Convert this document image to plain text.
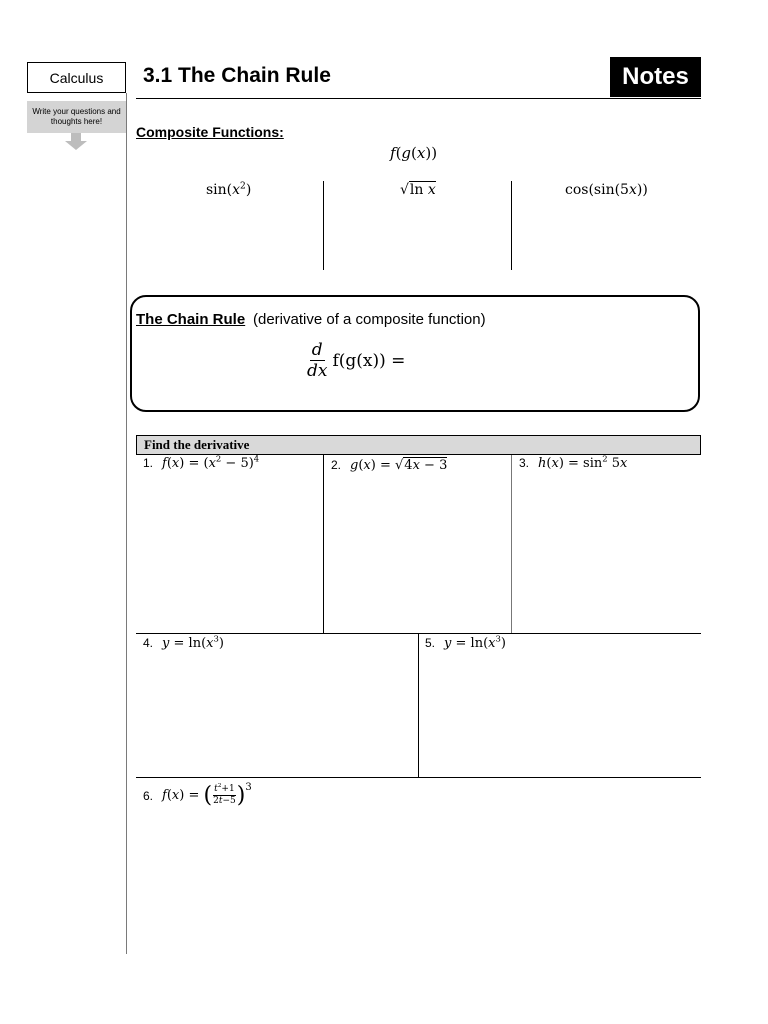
Calculus
Write your questions and thoughts here!
3.1 The Chain Rule	Notes
Composite Functions:
f(g(x))
$\sin(x^2)$	√ln x	cos(sin(5x))
The Chain Rule (derivative of a composite function)
$\frac{d}{dx} f(g(x))$ =
Find the derivative
1. $f(x) = (x^2 - 5)^4$	2. g(x) = √4x − 3	3. $h(x) = \sin^2 5x$
4. $y = \ln(x^3)$	5. $y = \ln(x^3)$
6. f ( x ) = ( $\frac{t^2+1}{2t-5} )^3$
